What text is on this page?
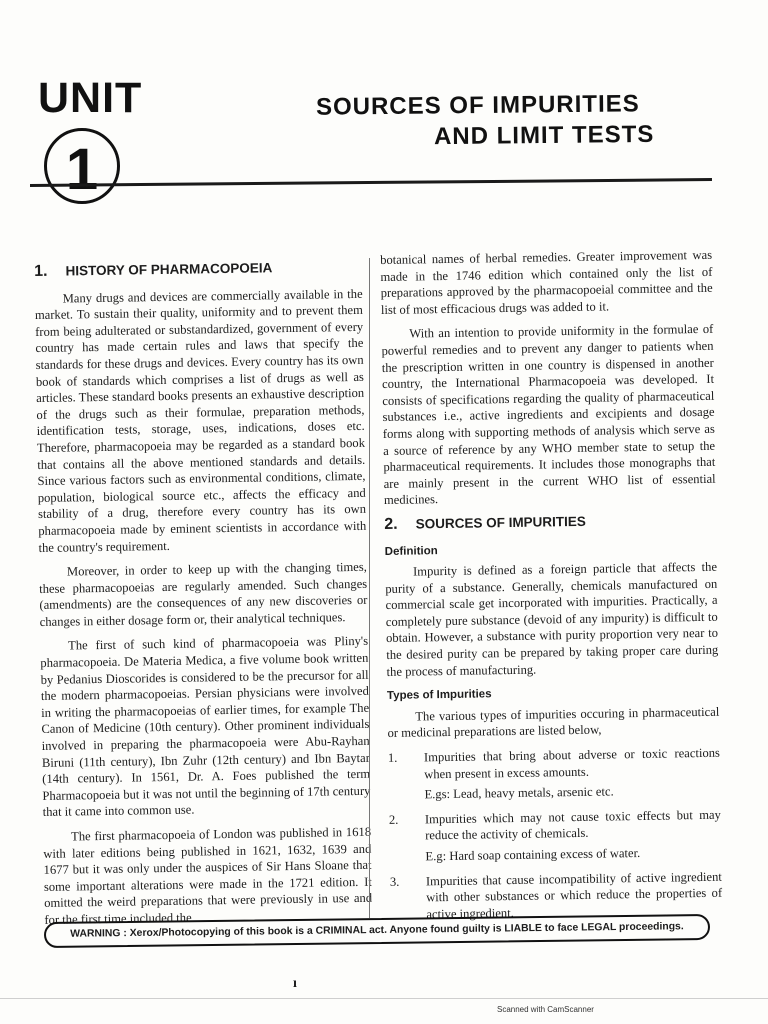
UNIT
1
SOURCES OF IMPURITIES
AND LIMIT TESTS
1. HISTORY OF PHARMACOPOEIA

Many drugs and devices are commercially available in the market. To sustain their quality, uniformity and to prevent them from being adulterated or substandardized, government of every country has made certain rules and laws that specify the standards for these drugs and devices. Every country has its own book of standards which comprises a list of drugs as well as articles. These standard books presents an exhaustive description of the drugs such as their formulae, preparation methods, identification tests, storage, uses, indications, doses etc. Therefore, pharmacopoeia may be regarded as a standard book that contains all the above mentioned standards and details. Since various factors such as environmental conditions, climate, population, biological source etc., affects the efficacy and stability of a drug, therefore every country has its own pharmacopoeia made by eminent scientists in accordance with the country's requirement.

Moreover, in order to keep up with the changing times, these pharmacopoeias are regularly amended. Such changes (amendments) are the consequences of any new discoveries or changes in either dosage form or, their analytical techniques.

The first of such kind of pharmacopoeia was Pliny's pharmacopoeia. De Materia Medica, a five volume book written by Pedanius Dioscorides is considered to be the precursor for all the modern pharmacopoeias. Persian physicians were involved in writing the pharmacopoeias of earlier times, for example The Canon of Medicine (10th century). Other prominent individuals involved in preparing the pharmacopoeia were Abu-Rayhan Biruni (11th century), Ibn Zuhr (12th century) and Ibn Baytar (14th century). In 1561, Dr. A. Foes published the term Pharmacopoeia but it was not until the beginning of 17th century that it came into common use.

The first pharmacopoeia of London was published in 1618 with later editions being published in 1621, 1632, 1639 and 1677 but it was only under the auspices of Sir Hans Sloane that some important alterations were made in the 1721 edition. It omitted the weird preparations that were previously in use and for the first time included the

botanical names of herbal remedies. Greater improvement was made in the 1746 edition which contained only the list of preparations approved by the pharmacopoeial committee and the list of most efficacious drugs was added to it.

With an intention to provide uniformity in the formulae of powerful remedies and to prevent any danger to patients when the prescription written in one country is dispensed in another country, the International Pharmacopoeia was developed. It consists of specifications regarding the quality of pharmaceutical substances i.e., active ingredients and excipients and dosage forms along with supporting methods of analysis which serve as a source of reference by any WHO member state to setup the pharmaceutical requirements. It includes those monographs that are mainly present in the current WHO list of essential medicines.

2. SOURCES OF IMPURITIES
Definition

Impurity is defined as a foreign particle that affects the purity of a substance. Generally, chemicals manufactured on commercial scale get incorporated with impurities. Practically, a completely pure substance (devoid of any impurity) is difficult to obtain. However, a substance with purity proportion very near to the desired purity can be prepared by taking proper care during the process of manufacturing.

Types of Impurities

The various types of impurities occuring in pharmaceutical or medicinal preparations are listed below,

1.	Impurities that bring about adverse or toxic reactions when present in excess amounts.
E.gs: Lead, heavy metals, arsenic etc.
2.	Impurities which may not cause toxic effects but may reduce the activity of chemicals.
E.g: Hard soap containing excess of water.
3.	Impurities that cause incompatibility of active ingredient with other substances or which reduce the properties of active ingredient.
WARNING : Xerox/Photocopying of this book is a CRIMINAL act. Anyone found guilty is LIABLE to face LEGAL proceedings.
ı
Scanned with CamScanner
